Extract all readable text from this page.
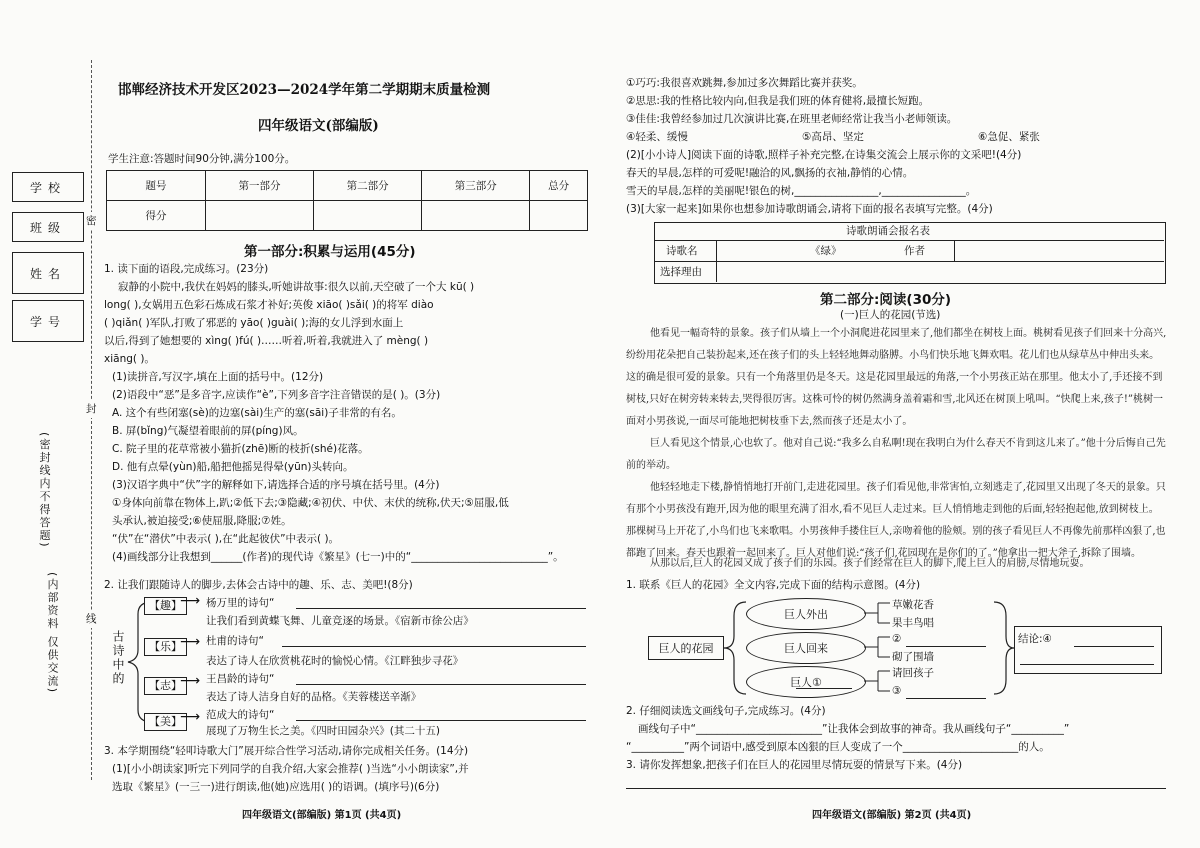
密
封
线
学校
班级
姓名
学号
(密封线内不得答题)
(内部资料 仅供交流)
邯郸经济技术开发区2023—2024学年第二学期期末质量检测
四年级语文(部编版)
学生注意:答题时间90分钟,满分100分。
题号	第一部分	第二部分	第三部分	总分
得分				
第一部分:积累与运用(45分)
1. 读下面的语段,完成练习。(23分)
寂静的小院中,我伏在妈妈的膝头,听她讲故事:很久以前,天空破了一个大 kū( )
long( ),女娲用五色彩石炼成石浆才补好;英俊 xiāo( )sǎi( )的将军 diào
( )qiǎn( )军队,打败了邪恶的 yāo( )guài( );海的女儿浮到水面上
以后,得到了她想要的 xìng( )fú( )……听着,听着,我就进入了 mèng( )
xiāng( )。
(1)读拼音,写汉字,填在上面的括号中。(12分)
(2)语段中“恶”是多音字,应读作“è”,下列多音字注音错误的是( )。(3分)
A. 这个有些闭塞(sè)的边塞(sài)生产的塞(sāi)子非常的有名。
B. 屏(bǐng)气凝望着眼前的屏(píng)风。
C. 院子里的花草常被小猫折(zhē)断的枝折(shé)花落。
D. 他有点晕(yùn)船,船把他摇晃得晕(yūn)头转向。
(3)汉语字典中“伏”字的解释如下,请选择合适的序号填在括号里。(4分)
①身体向前靠在物体上,趴;②低下去;③隐藏;④初伏、中伏、末伏的统称,伏天;⑤屈服,低
头承认,被迫接受;⑥使屈服,降服;⑦姓。
“伏”在“潜伏”中表示( ),在“此起彼伏”中表示( )。
(4)画线部分让我想到______(作者)的现代诗《繁星》(七一)中的“__________________________”。
2. 让我们跟随诗人的脚步,去体会古诗中的趣、乐、志、美吧!(8分)
古诗中的
【趣】
⟶ 杨万里的诗句“
让我们看到黄蝶飞舞、儿童竞逐的场景。《宿新市徐公店》
【乐】
⟶ 杜甫的诗句“
表达了诗人在欣赏桃花时的愉悦心情。《江畔独步寻花》
【志】
⟶ 王昌龄的诗句“
表达了诗人洁身自好的品格。《芙蓉楼送辛渐》
【美】
⟶ 范成大的诗句“
展现了万物生长之美。《四时田园杂兴》(其二十五)
3. 本学期围绕“轻叩诗歌大门”展开综合性学习活动,请你完成相关任务。(14分)
(1)[小小朗读家]听完下列同学的自我介绍,大家会推荐( )当选“小小朗读家”,并
选取《繁星》(一三一)进行朗读,他(她)应选用( )的语调。(填序号)(6分)
四年级语文(部编版) 第1页 (共4页)
①巧巧:我很喜欢跳舞,参加过多次舞蹈比赛并获奖。
②思思:我的性格比较内向,但我是我们班的体育健将,最擅长短跑。
③佳佳:我曾经参加过几次演讲比赛,在班里老师经常让我当小老师领读。
④轻柔、缓慢	⑤高昂、坚定	⑥急促、紧张
(2)[小小诗人]阅读下面的诗歌,照样子补充完整,在诗集交流会上展示你的文采吧!(4分)
春天的早晨,怎样的可爱呢!融洽的风,飘扬的衣袖,静悄的心情。
雪天的早晨,怎样的美丽呢!银色的树,________________,________________。
(3)[大家一起来]如果你也想参加诗歌朗诵会,请将下面的报名表填写完整。(4分)
诗歌朗诵会报名表
诗歌名	《绿》	作者
选择理由
第二部分:阅读(30分)
(一)巨人的花园(节选)
他看见一幅奇特的景象。孩子们从墙上一个小洞爬进花园里来了,他们都坐在树枝上面。桃树看见孩子们回来十分高兴,纷纷用花朵把自己装扮起来,还在孩子们的头上轻轻地舞动胳膊。小鸟们快乐地飞舞欢唱。花儿们也从绿草丛中伸出头来。这的确是很可爱的景象。只有一个角落里仍是冬天。这是花园里最远的角落,一个小男孩正站在那里。他太小了,手还接不到树枝,只好在树旁转来转去,哭得很厉害。这株可怜的树仍然满身盖着霜和雪,北风还在树顶上吼叫。“快爬上来,孩子!”桃树一面对小男孩说,一面尽可能地把树枝垂下去,然而孩子还是太小了。
巨人看见这个情景,心也软了。他对自己说:“我多么自私啊!现在我明白为什么春天不肯到这儿来了。”他十分后悔自己先前的举动。
他轻轻地走下楼,静悄悄地打开前门,走进花园里。孩子们看见他,非常害怕,立刻逃走了,花园里又出现了冬天的景象。只有那个小男孩没有跑开,因为他的眼里充满了泪水,看不见巨人走过来。巨人悄悄地走到他的后面,轻轻抱起他,放到树枝上。那棵树马上开花了,小鸟们也飞来歌唱。小男孩伸手搂住巨人,亲吻着他的脸颊。别的孩子看见巨人不再像先前那样凶狠了,也都跑了回来。春天也跟着一起回来了。巨人对他们说:“孩子们,花园现在是你们的了。”他拿出一把大斧子,拆除了围墙。
从那以后,巨人的花园又成了孩子们的乐园。孩子们经常在巨人的脚下,爬上巨人的肩膀,尽情地玩耍。
1. 联系《巨人的花园》全文内容,完成下面的结构示意图。(4分)
巨人的花园
巨人外出
巨人回来
巨人①
草嫩花香
果丰鸟唱
②
砌了围墙
请回孩子
③
结论:④
2. 仔细阅读选文画线句子,完成练习。(4分)
画线句子中“________________________”让我体会到故事的神奇。我从画线句子“__________”
“__________”两个词语中,感受到原本凶狠的巨人变成了一个______________________的人。
3. 请你发挥想象,把孩子们在巨人的花园里尽情玩耍的情景写下来。(4分)
四年级语文(部编版) 第2页 (共4页)
